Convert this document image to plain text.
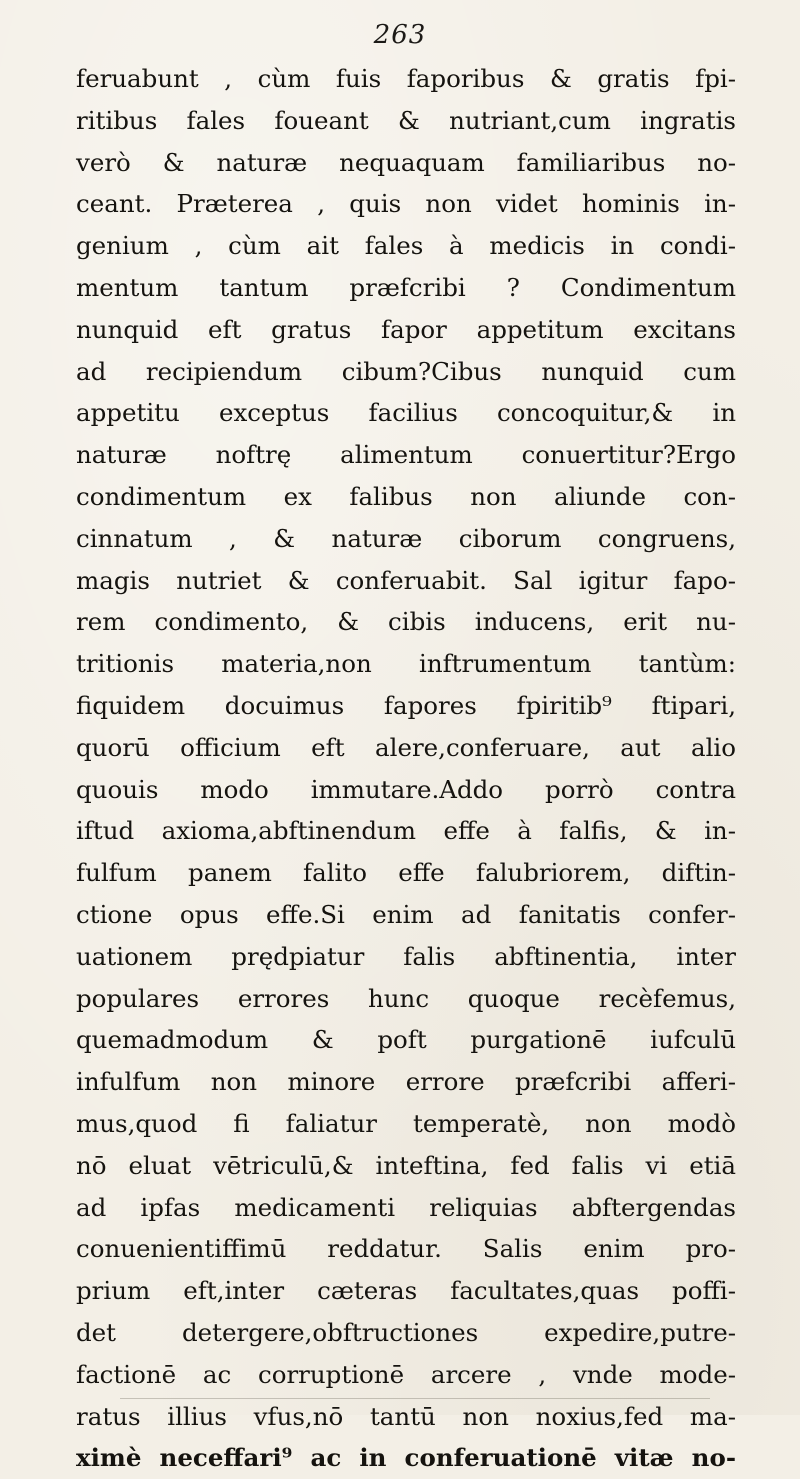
263
feruabunt , cùm fuis faporibus & gratis fpi-
ritibus fales foueant & nutriant,cum ingratis
verò & naturæ nequaquam familiaribus no-
ceant. Præterea , quis non videt hominis in-
genium , cùm ait fales à medicis in condi-
mentum tantum præfcribi ? Condimentum
nunquid eft gratus fapor appetitum excitans
ad recipiendum cibum?Cibus nunquid cum
appetitu exceptus facilius concoquitur,& in
naturæ noftrę alimentum conuertitur?Ergo
condimentum ex falibus non aliunde con-
cinnatum , & naturæ ciborum congruens,
magis nutriet & conferuabit. Sal igitur fapo-
rem condimento, & cibis inducens, erit nu-
tritionis materia,non inftrumentum tantùm:
fiquidem docuimus fapores fpiritib⁹ ftipari,
quorū officium eft alere,conferuare, aut alio
quouis modo immutare.Addo porrò contra
iftud axioma,abftinendum effe à falfis, & in-
fulfum panem falito effe falubriorem, diftin-
ctione opus effe.Si enim ad fanitatis confer-
uationem prędpiatur falis abftinentia, inter
populares errores hunc quoque recèfemus,
quemadmodum & poft purgationē iufculū
infulfum non minore errore præfcribi afferi-
mus,quod fi faliatur temperatè, non modò
nō eluat vētriculū,& inteftina, fed falis vi etiā
ad ipfas medicamenti reliquias abftergendas
conuenientiffimū reddatur. Salis enim pro-
prium eft,inter cæteras facultates,quas poffi-
det detergere,obftructiones expedire,putre-
factionē ac corruptionē arcere , vnde mode-
ratus illius vfus,nō tantū non noxius,fed ma-
ximè neceffari⁹ ac in conferuationē vitæ no-
